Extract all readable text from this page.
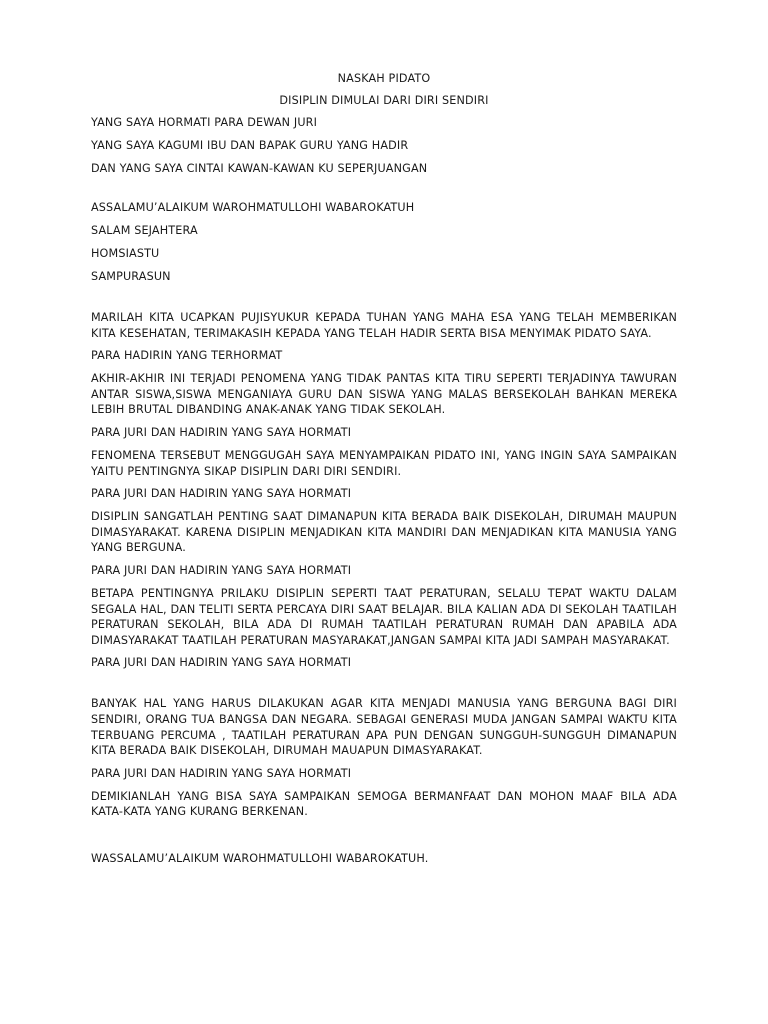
NASKAH PIDATO
DISIPLIN DIMULAI DARI DIRI SENDIRI
YANG SAYA HORMATI PARA DEWAN JURI
YANG SAYA KAGUMI IBU DAN BAPAK GURU YANG HADIR
DAN YANG SAYA CINTAI KAWAN-KAWAN KU SEPERJUANGAN
ASSALAMU’ALAIKUM WAROHMATULLOHI WABAROKATUH
SALAM SEJAHTERA
HOMSIASTU
SAMPURASUN
MARILAH KITA UCAPKAN PUJISYUKUR KEPADA TUHAN YANG MAHA ESA YANG TELAH MEMBERIKAN KITA KESEHATAN, TERIMAKASIH KEPADA YANG TELAH HADIR SERTA BISA MENYIMAK PIDATO SAYA.
PARA HADIRIN YANG TERHORMAT
AKHIR-AKHIR INI TERJADI PENOMENA YANG TIDAK PANTAS KITA TIRU SEPERTI TERJADINYA TAWURAN ANTAR SISWA,SISWA MENGANIAYA GURU DAN SISWA YANG MALAS BERSEKOLAH BAHKAN MEREKA LEBIH BRUTAL DIBANDING ANAK-ANAK YANG TIDAK SEKOLAH.
PARA JURI DAN HADIRIN YANG SAYA HORMATI
FENOMENA TERSEBUT MENGGUGAH SAYA MENYAMPAIKAN PIDATO INI, YANG INGIN SAYA SAMPAIKAN YAITU PENTINGNYA SIKAP DISIPLIN DARI DIRI SENDIRI.
PARA JURI DAN HADIRIN YANG SAYA HORMATI
DISIPLIN SANGATLAH PENTING SAAT DIMANAPUN KITA BERADA BAIK DISEKOLAH, DIRUMAH MAUPUN DIMASYARAKAT. KARENA DISIPLIN MENJADIKAN KITA MANDIRI DAN MENJADIKAN KITA MANUSIA YANG YANG BERGUNA.
PARA JURI DAN HADIRIN YANG SAYA HORMATI
BETAPA PENTINGNYA PRILAKU DISIPLIN SEPERTI TAAT PERATURAN, SELALU TEPAT WAKTU DALAM SEGALA HAL, DAN TELITI SERTA PERCAYA DIRI SAAT BELAJAR. BILA KALIAN ADA DI SEKOLAH TAATILAH PERATURAN SEKOLAH, BILA ADA DI RUMAH TAATILAH PERATURAN RUMAH DAN APABILA ADA DIMASYARAKAT TAATILAH PERATURAN MASYARAKAT,JANGAN SAMPAI KITA JADI SAMPAH MASYARAKAT.
PARA JURI DAN HADIRIN YANG SAYA HORMATI
BANYAK HAL YANG HARUS DILAKUKAN AGAR KITA MENJADI MANUSIA YANG BERGUNA BAGI DIRI SENDIRI, ORANG TUA BANGSA DAN NEGARA. SEBAGAI GENERASI MUDA JANGAN SAMPAI WAKTU KITA TERBUANG PERCUMA , TAATILAH PERATURAN APA PUN DENGAN SUNGGUH-SUNGGUH DIMANAPUN KITA BERADA BAIK DISEKOLAH, DIRUMAH MAUAPUN DIMASYARAKAT.
PARA JURI DAN HADIRIN YANG SAYA HORMATI
DEMIKIANLAH YANG BISA SAYA SAMPAIKAN SEMOGA BERMANFAAT DAN MOHON MAAF BILA ADA KATA-KATA YANG KURANG BERKENAN.
WASSALAMU’ALAIKUM WAROHMATULLOHI WABAROKATUH.
